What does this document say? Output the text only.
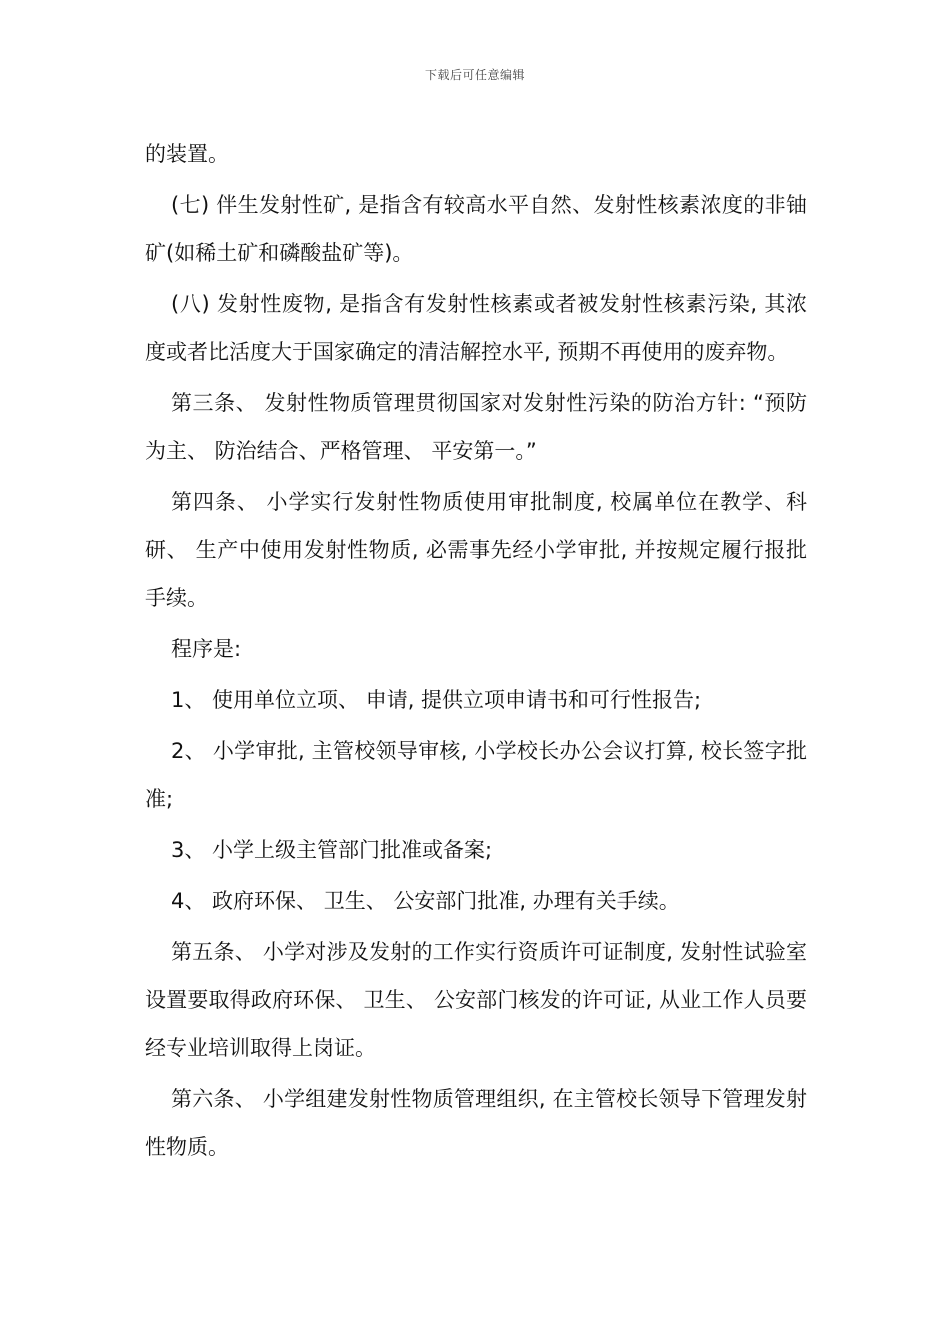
下载后可任意编辑

的装置。

(七) 伴生发射性矿, 是指含有较高水平自然、发射性核素浓度的非铀矿(如稀土矿和磷酸盐矿等)。

(八) 发射性废物, 是指含有发射性核素或者被发射性核素污染, 其浓度或者比活度大于国家确定的清洁解控水平, 预期不再使用的废弃物。

第三条、 发射性物质管理贯彻国家对发射性污染的防治方针: “预防为主、 防治结合、严格管理、 平安第一。”

第四条、 小学实行发射性物质使用审批制度, 校属单位在教学、科研、 生产中使用发射性物质, 必需事先经小学审批, 并按规定履行报批手续。

程序是:

1、 使用单位立项、 申请, 提供立项申请书和可行性报告;

2、 小学审批, 主管校领导审核, 小学校长办公会议打算, 校长签字批准;

3、 小学上级主管部门批准或备案;

4、 政府环保、 卫生、 公安部门批准, 办理有关手续。

第五条、 小学对涉及发射的工作实行资质许可证制度, 发射性试验室设置要取得政府环保、 卫生、 公安部门核发的许可证, 从业工作人员要经专业培训取得上岗证。

第六条、 小学组建发射性物质管理组织, 在主管校长领导下管理发射性物质。
